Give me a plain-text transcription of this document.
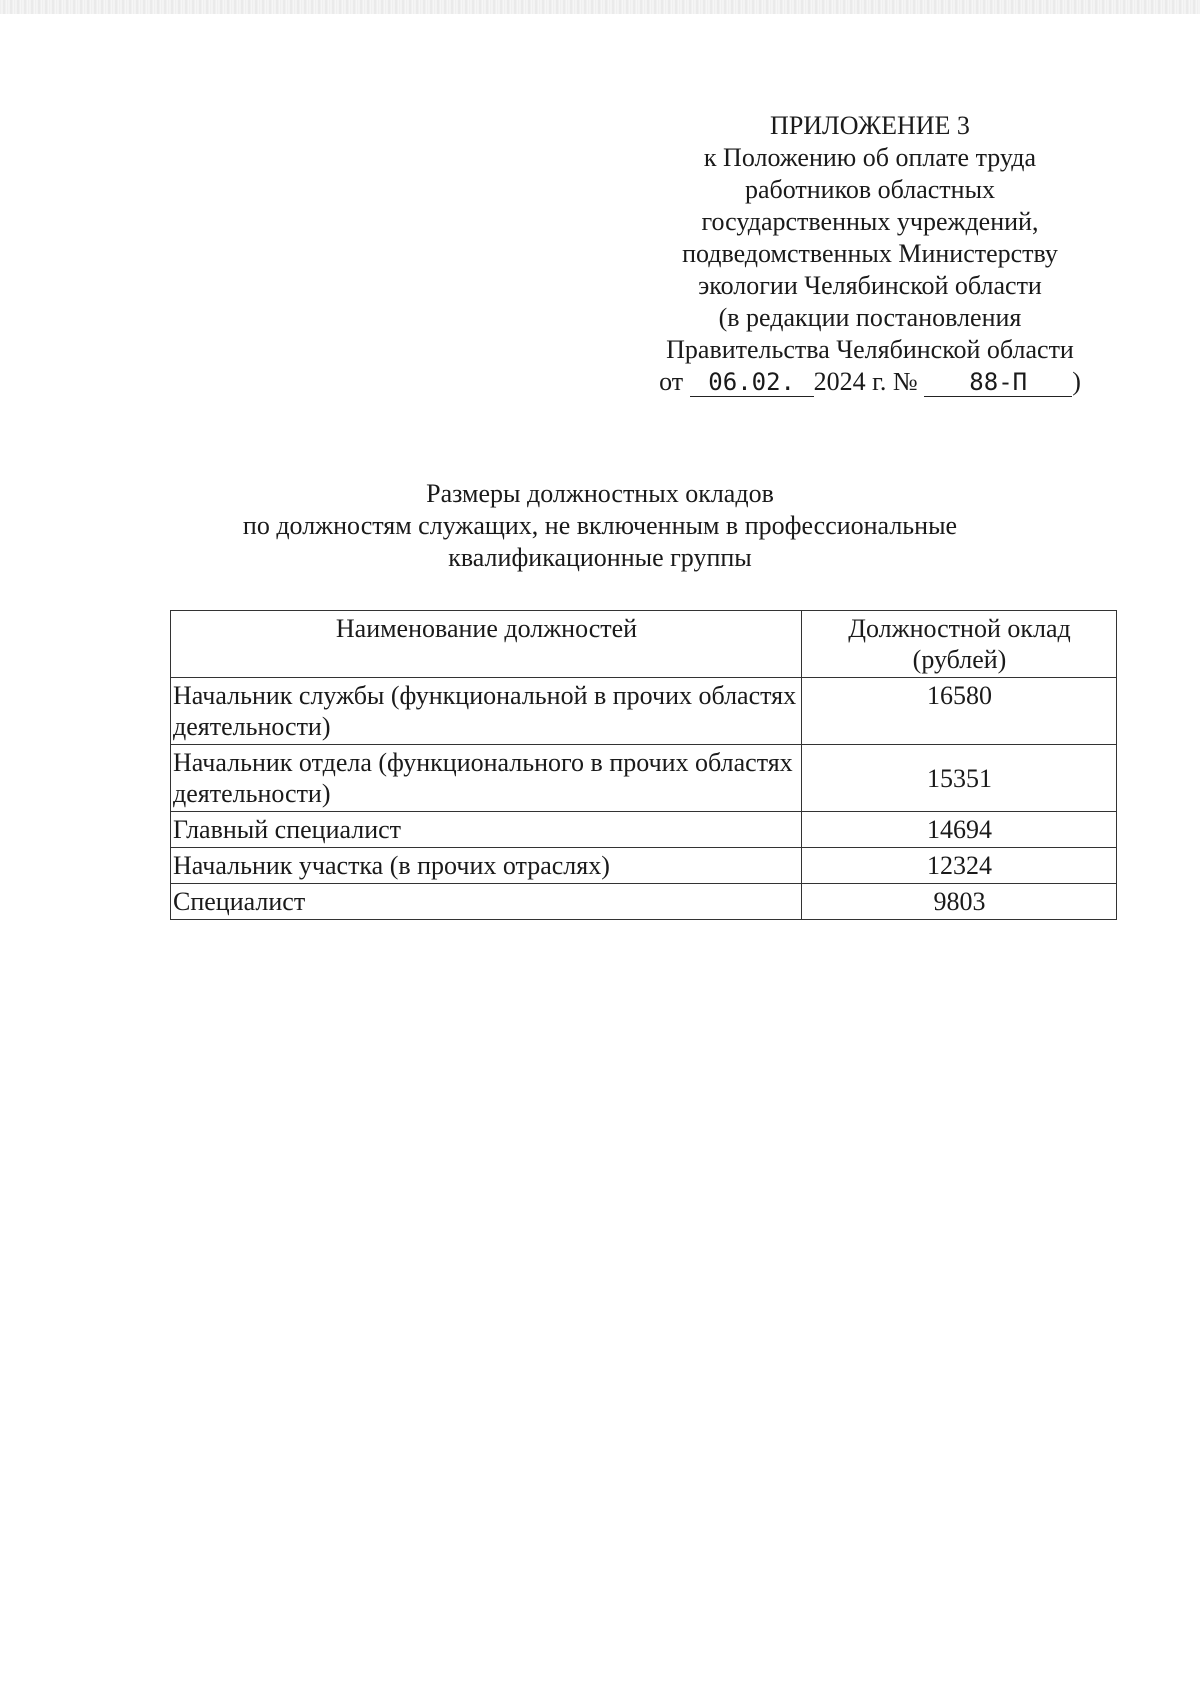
ПРИЛОЖЕНИЕ 3
к Положению об оплате труда
работников областных
государственных учреждений,
подведомственных Министерству
экологии Челябинской области
(в редакции постановления
Правительства Челябинской области
от 06.02. 2024 г. № 88-П )
Размеры должностных окладов
по должностям служащих, не включенным в профессиональные
квалификационные группы
Наименование должностей	Должностной оклад (рублей)
Начальник службы (функциональной в прочих областях деятельности)	16580
Начальник отдела (функционального в прочих областях деятельности)	15351
Главный специалист	14694
Начальник участка (в прочих отраслях)	12324
Специалист	9803
